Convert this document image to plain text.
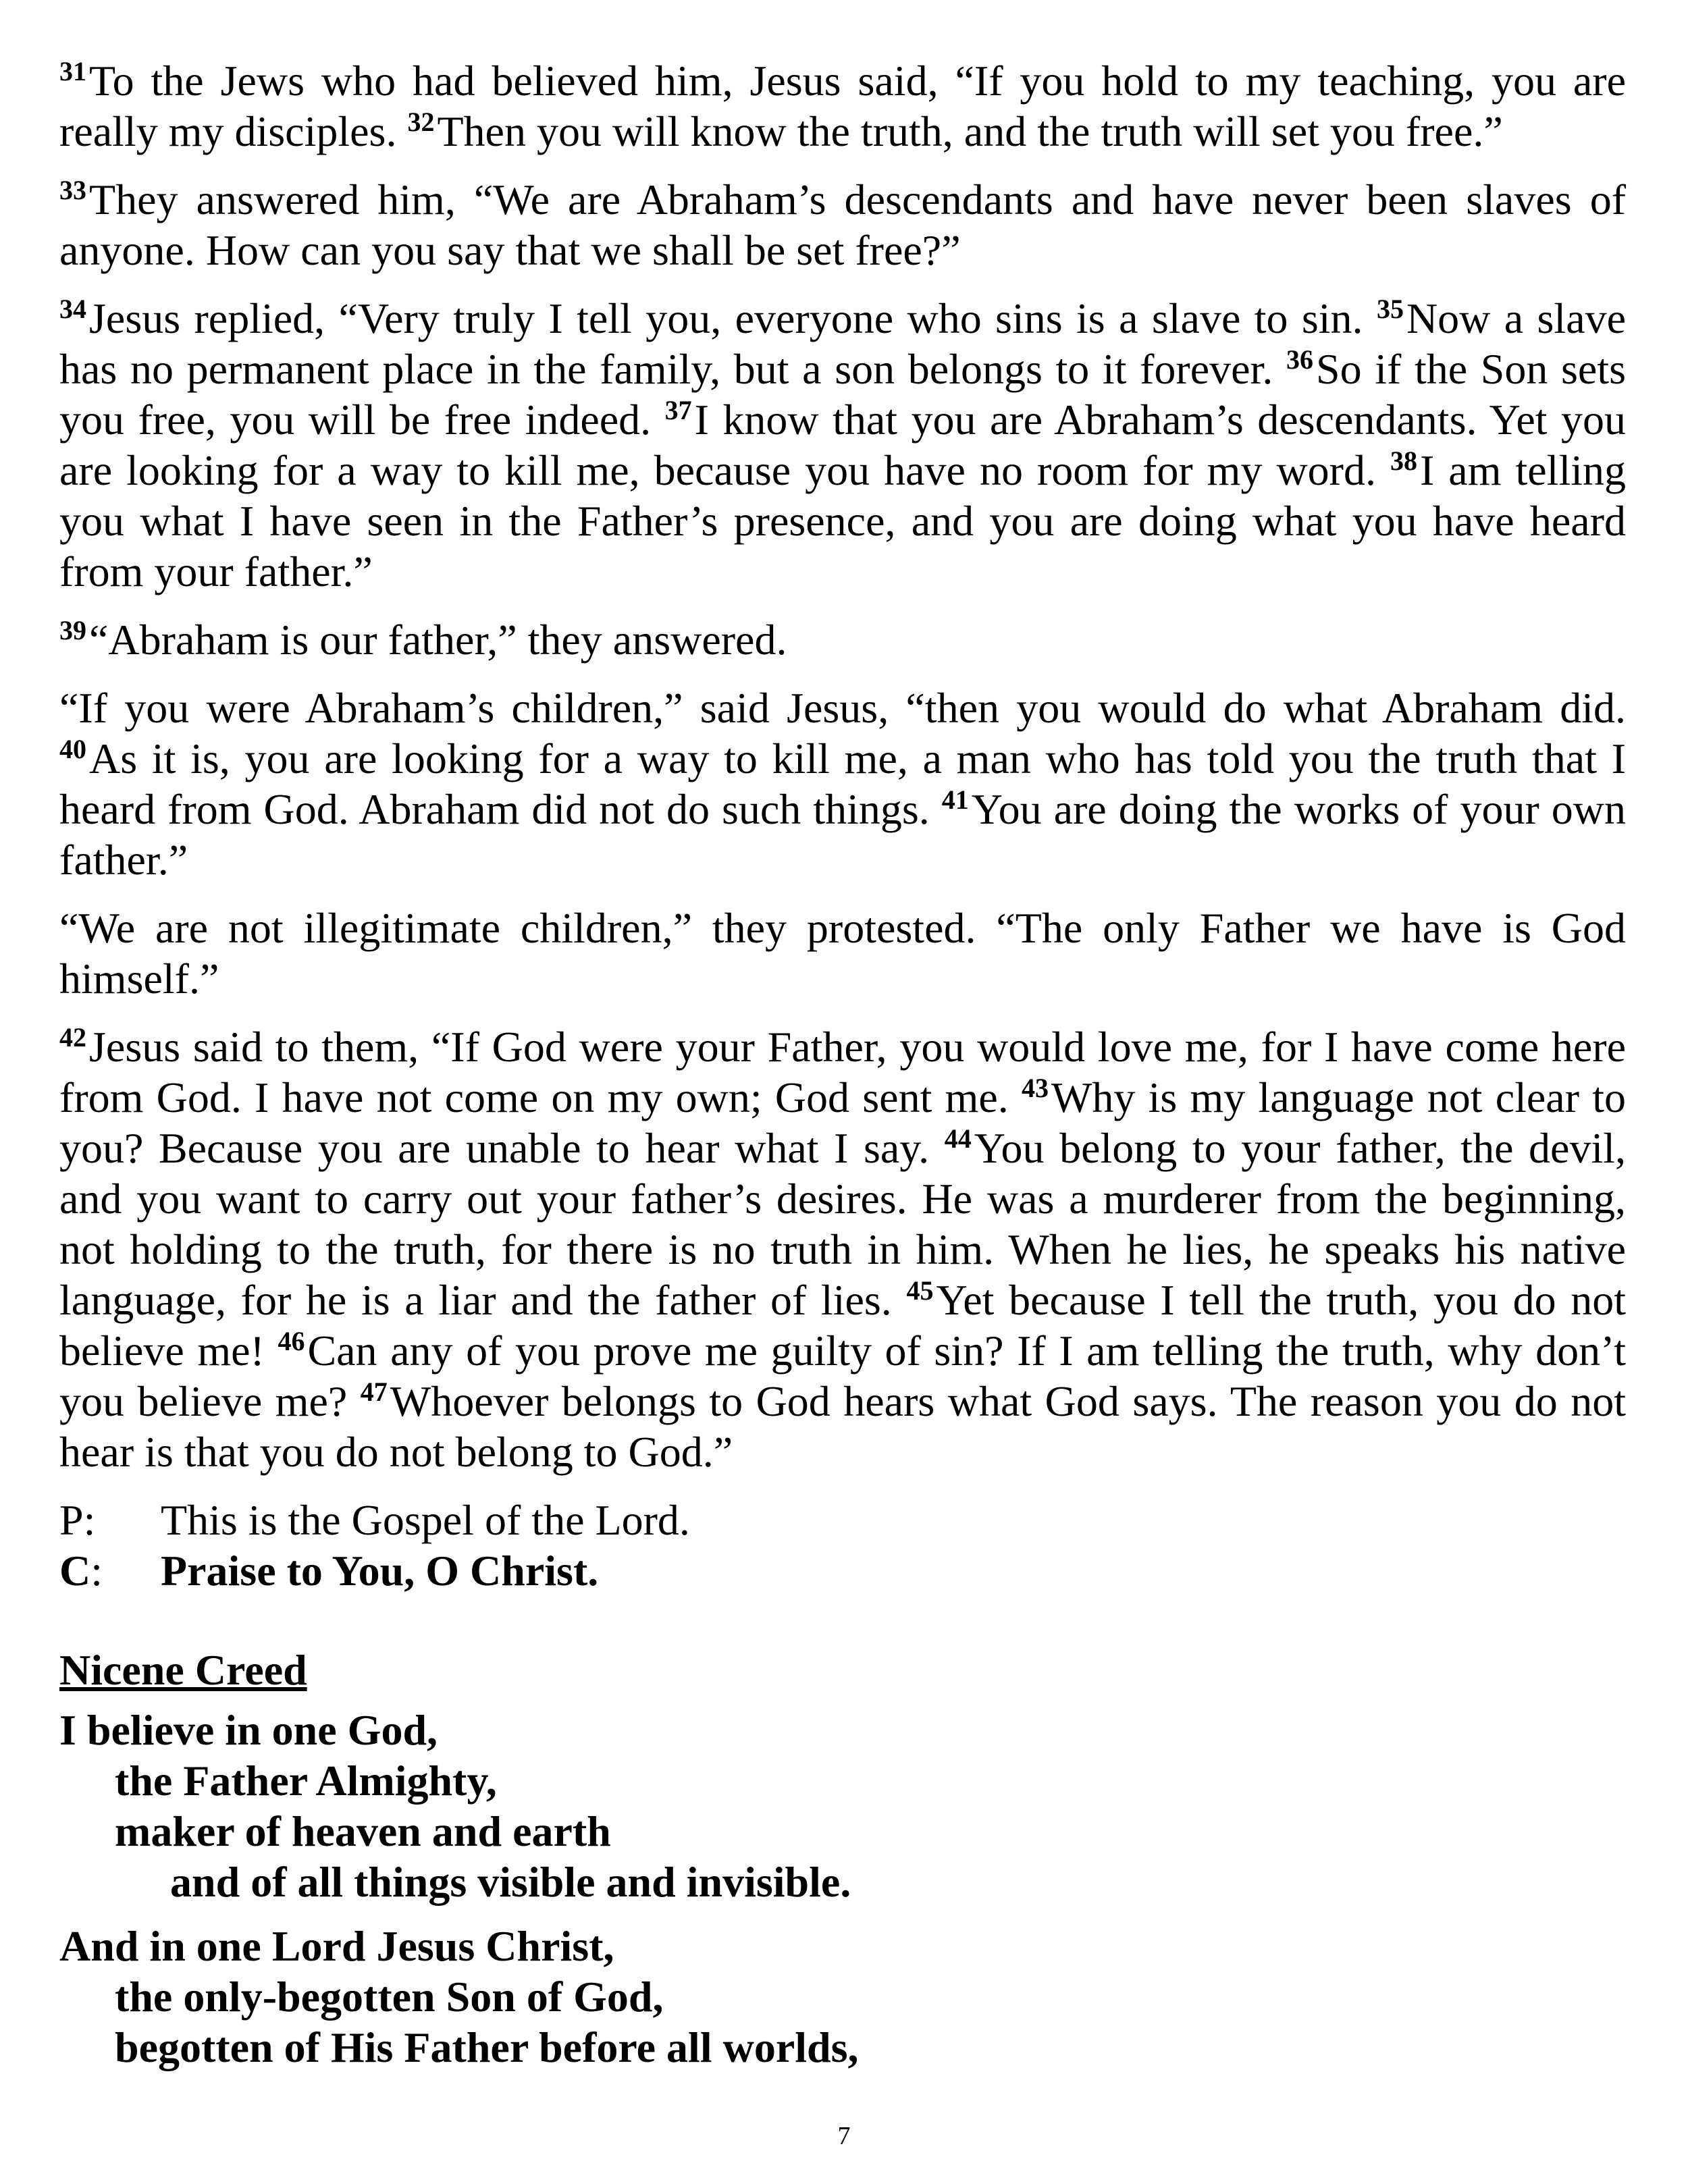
$^{31}$To the Jews who had believed him, Jesus said, “If you hold to my teaching, you are really my disciples. $^{32}$Then you will know the truth, and the truth will set you free.”

$^{33}$They answered him, “We are Abraham’s descendants and have never been slaves of anyone. How can you say that we shall be set free?”

$^{34}$Jesus replied, “Very truly I tell you, everyone who sins is a slave to sin. $^{35}$Now a slave has no permanent place in the family, but a son belongs to it forever. $^{36}$So if the Son sets you free, you will be free indeed. $^{37}$I know that you are Abraham’s descendants. Yet you are looking for a way to kill me, because you have no room for my word. $^{38}$I am telling you what I have seen in the Father’s presence, and you are doing what you have heard from your father.”

$^{39}$“Abraham is our father,” they answered.

“If you were Abraham’s children,” said Jesus, “then you would do what Abraham did. $^{40}$As it is, you are looking for a way to kill me, a man who has told you the truth that I heard from God. Abraham did not do such things. $^{41}$You are doing the works of your own father.”

“We are not illegitimate children,” they protested. “The only Father we have is God himself.”

$^{42}$Jesus said to them, “If God were your Father, you would love me, for I have come here from God. I have not come on my own; God sent me. $^{43}$Why is my language not clear to you? Because you are unable to hear what I say. $^{44}$You belong to your father, the devil, and you want to carry out your father’s desires. He was a murderer from the beginning, not holding to the truth, for there is no truth in him. When he lies, he speaks his native language, for he is a liar and the father of lies. $^{45}$Yet because I tell the truth, you do not believe me! $^{46}$Can any of you prove me guilty of sin? If I am telling the truth, why don’t you believe me? $^{47}$Whoever belongs to God hears what God says. The reason you do not hear is that you do not belong to God.”

P:	This is the Gospel of the Lord.
C:	Praise to You, O Christ.
Nicene Creed
I believe in one God,
the Father Almighty,
maker of heaven and earth
and of all things visible and invisible.
And in one Lord Jesus Christ,
the only-begotten Son of God,
begotten of His Father before all worlds,
7
